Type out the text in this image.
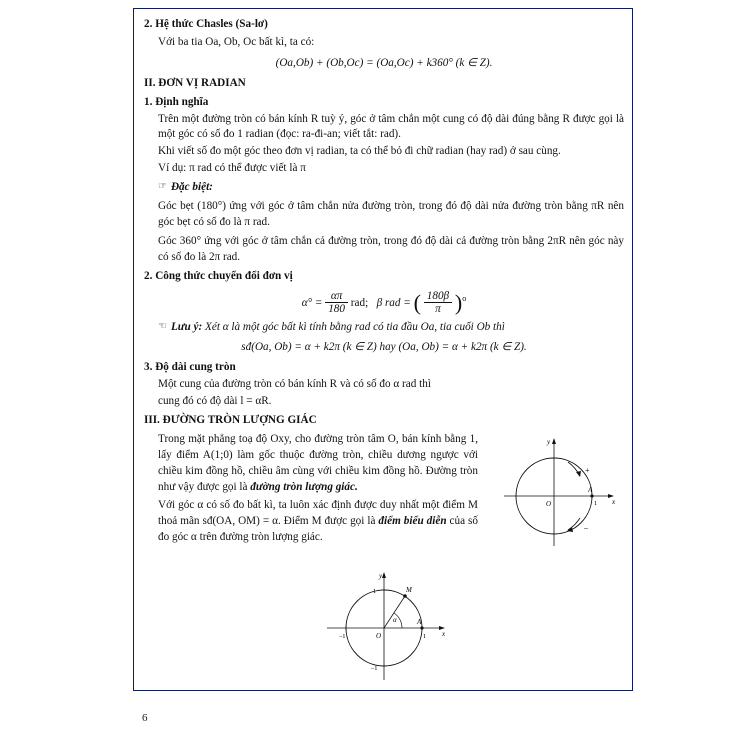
2. Hệ thức Chasles (Sa-lơ)
Với ba tia Oa, Ob, Oc bất kì, ta có:
(Oa,Ob) + (Ob,Oc) = (Oa,Oc) + k360° (k ∈ Z).
II. ĐƠN VỊ RADIAN
1. Định nghĩa
Trên một đường tròn có bán kính R tuỳ ý, góc ở tâm chắn một cung có độ dài đúng bằng R được gọi là một góc có số đo 1 radian (đọc: ra-đi-an; viết tắt: rad).
Khi viết số đo một góc theo đơn vị radian, ta có thể bỏ đi chữ radian (hay rad) ở sau cùng.
Ví dụ: π rad có thể được viết là π
☞ Đặc biệt:
Góc bẹt (180°) ứng với góc ở tâm chắn nửa đường tròn, trong đó độ dài nửa đường tròn bằng πR nên góc bẹt có số đo là π rad.
Góc 360° ứng với góc ở tâm chắn cả đường tròn, trong đó độ dài cả đường tròn bằng 2πR nên góc này có số đo là 2π rad.
2. Công thức chuyển đổi đơn vị
$\alpha^\circ = \frac{\alpha\pi}{180}$ rad; β rad = ( $\frac{180\beta}{\pi} )^o$
☜ Lưu ý: Xét α là một góc bất kì tính bằng rad có tia đầu Oa, tia cuối Ob thì
sđ(Oa, Ob) = α + k2π (k ∈ Z) hay (Oa, Ob) = α + k2π (k ∈ Z).
3. Độ dài cung tròn
Một cung của đường tròn có bán kính R và có số đo α rad thì
cung đó có độ dài l = αR.
III. ĐƯỜNG TRÒN LƯỢNG GIÁC
Trong mặt phẳng toạ độ Oxy, cho đường tròn tâm O, bán kính bằng 1, lấy điểm A(1;0) làm gốc thuộc đường tròn, chiều dương ngược với chiều kim đồng hồ, chiều âm cùng với chiều kim đồng hồ. Đường tròn như vậy được gọi là đường tròn lượng giác.
Với góc α có số đo bất kì, ta luôn xác định được duy nhất một điểm M thoả mãn sđ(OA, OM) = α. Điểm M được gọi là điểm biểu diễn của số đo góc α trên đường tròn lượng giác.
y
x
O
A
1
+
–
y
x
O
A
M
1
–1
1
–1
α
6
